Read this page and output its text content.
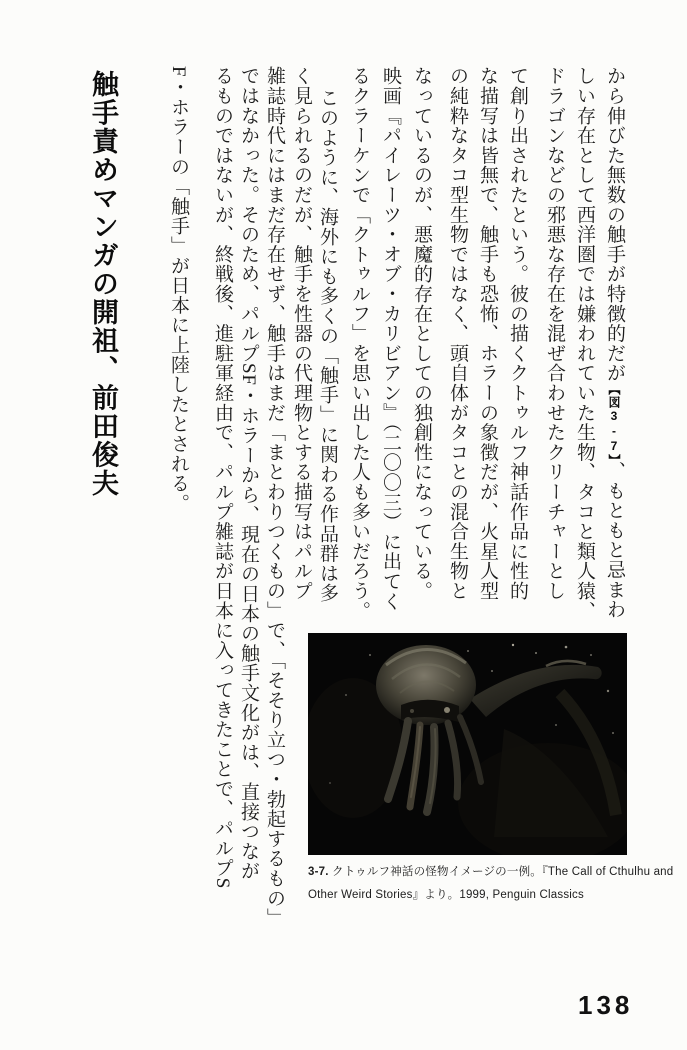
から伸びた無数の触手が特徴的だが【図3-7】、もともと忌まわ
しい存在として西洋圏では嫌われていた生物、タコと類人猿、
ドラゴンなどの邪悪な存在を混ぜ合わせたクリーチャーとし
て創り出されたという。彼の描くクトゥルフ神話作品に性的
な描写は皆無で、触手も恐怖、ホラーの象徴だが、火星人型
の純粋なタコ型生物ではなく、頭自体がタコとの混合生物と
なっているのが、悪魔的存在としての独創性になっている。
映画『パイレーツ・オブ・カリビアン』（二〇〇三）に出てく
るクラーケンで「クトゥルフ」を思い出した人も多いだろう。
このように、海外にも多くの「触手」に関わる作品群は多
く見られるのだが、触手を性器の代理物とする描写はパルプ
雑誌時代にはまだ存在せず、触手はまだ「まとわりつくもの」で、「そそり立つ・勃起するもの」
ではなかった。そのため、パルプSF・ホラーから、現在の日本の触手文化がは、直接つなが
るものではないが、終戦後、進駐軍経由で、パルプ雑誌が日本に入ってきたことで、パルプS
F・ホラーの「触手」が日本に上陸したとされる。
触手責めマンガの開祖、前田俊夫
3-7. クトゥルフ神話の怪物イメージの一例。『The Call of Cthulhu and
Other Weird Stories』より。1999, Penguin Classics
138
